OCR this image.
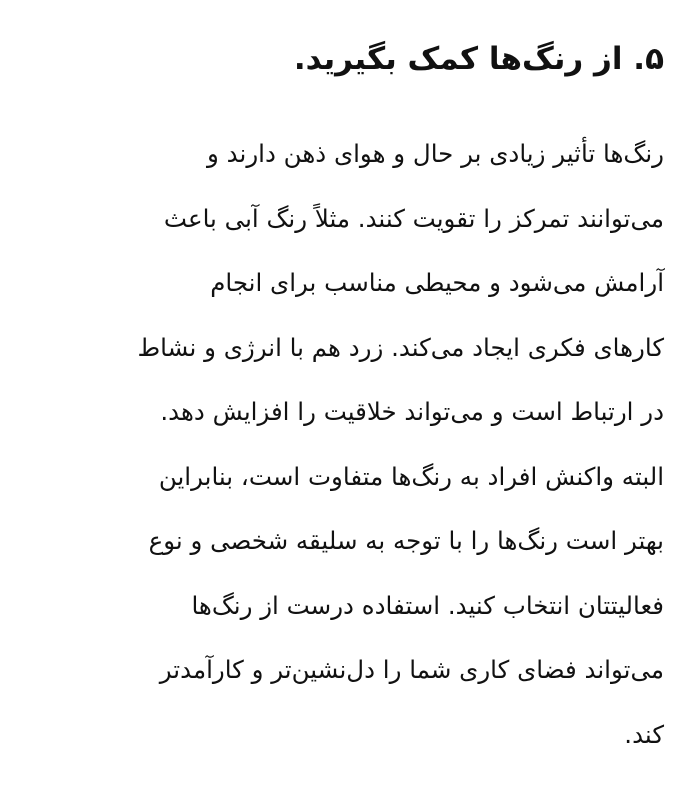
۵. از رنگ‌ها کمک بگیرید.

رنگ‌ها تأثیر زیادی بر حال و هوای ذهن دارند و
می‌توانند تمرکز را تقویت کنند. مثلاً رنگ آبی باعث
آرامش می‌شود و محیطی مناسب برای انجام
کارهای فکری ایجاد می‌کند. زرد هم با انرژی و نشاط
در ارتباط است و می‌تواند خلاقیت را افزایش دهد.
البته واکنش افراد به رنگ‌ها متفاوت است، بنابراین
بهتر است رنگ‌ها را با توجه به سلیقه شخصی و نوع
فعالیتتان انتخاب کنید. استفاده درست از رنگ‌ها
می‌تواند فضای کاری شما را دل‌نشین‌تر و کارآمدتر
کند.
